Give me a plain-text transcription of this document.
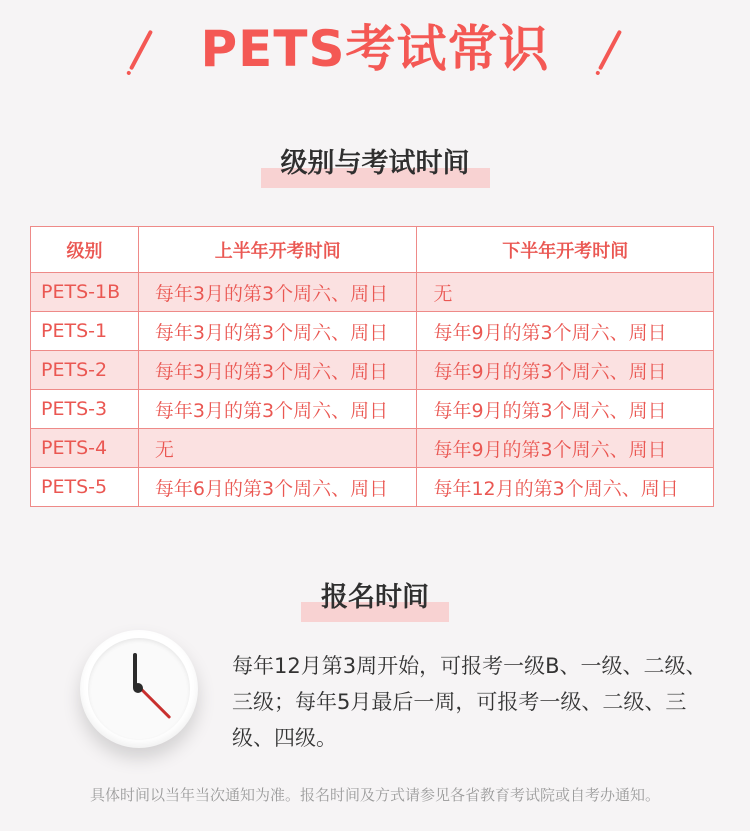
PETS考试常识
级别与考试时间
级别	上半年开考时间	下半年开考时间
PETS-1B	每年3月的第3个周六、周日	无
PETS-1	每年3月的第3个周六、周日	每年9月的第3个周六、周日
PETS-2	每年3月的第3个周六、周日	每年9月的第3个周六、周日
PETS-3	每年3月的第3个周六、周日	每年9月的第3个周六、周日
PETS-4	无	每年9月的第3个周六、周日
PETS-5	每年6月的第3个周六、周日	每年12月的第3个周六、周日
报名时间
每年12月第3周开始，可报考一级B、一级、二级、三级；每年5月最后一周，可报考一级、二级、三级、四级。
具体时间以当年当次通知为准。报名时间及方式请参见各省教育考试院或自考办通知。
